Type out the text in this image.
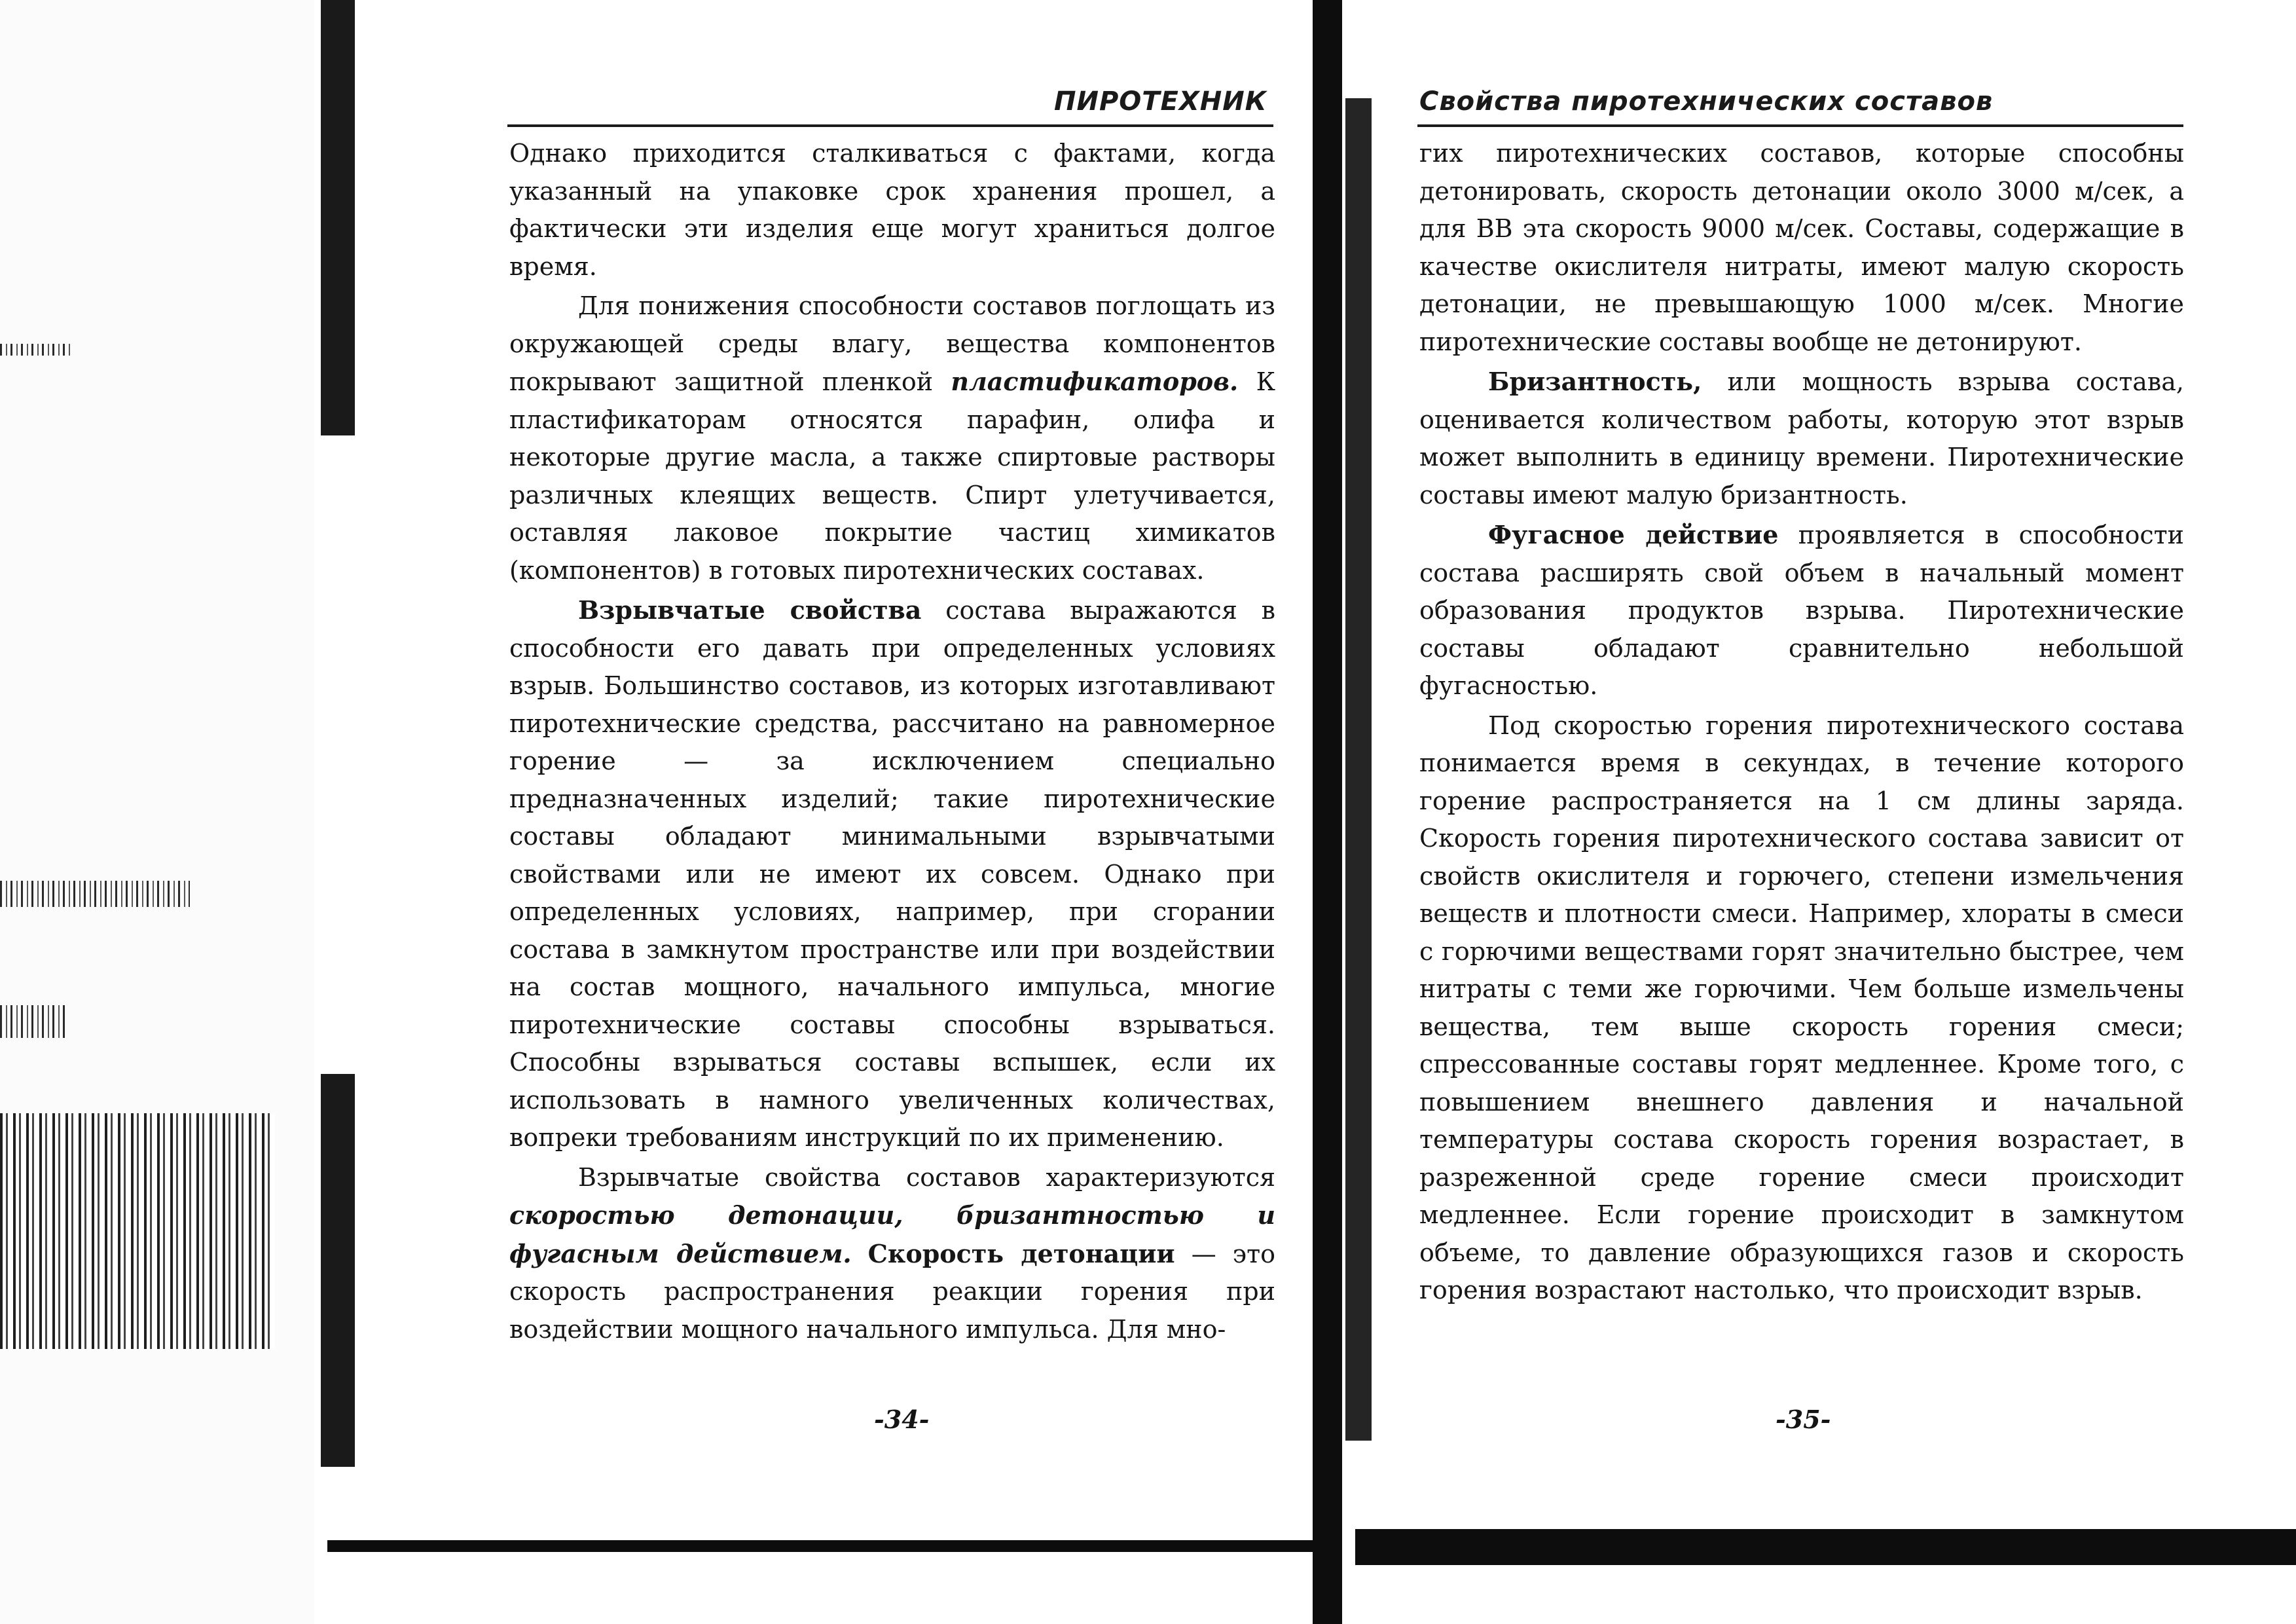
ПИРОТЕХНИК

Однако приходится сталкиваться с фактами, когда указанный на упаковке срок хранения прошел, а фактически эти изделия еще могут храниться долгое время.

Для понижения способности составов поглощать из окружающей среды влагу, вещества компонентов покрывают защитной пленкой пластификаторов. К пластификаторам относятся парафин, олифа и некоторые другие масла, а также спиртовые растворы различных клеящих веществ. Спирт улетучивается, оставляя лаковое покрытие частиц химикатов (компонентов) в готовых пиротехнических составах.

Взрывчатые свойства состава выражаются в способности его давать при определенных условиях взрыв. Большинство составов, из которых изготавливают пиротехнические средства, рассчитано на равномерное горение — за исключением специально предназначенных изделий; такие пиротехнические составы обладают минимальными взрывчатыми свойствами или не имеют их совсем. Однако при определенных условиях, например, при сгорании состава в замкнутом пространстве или при воздействии на состав мощного, начального импульса, многие пиротехнические составы способны взрываться. Способны взрываться составы вспышек, если их использовать в намного увеличенных количествах, вопреки требованиям инструкций по их применению.

Взрывчатые свойства составов характеризуются скоростью детонации, бризантностью и фугасным действием. Скорость детонации — это скорость распространения реакции горения при воздействии мощного начального импульса. Для мно-

-34-
Свойства пиротехнических составов

гих пиротехнических составов, которые способны детонировать, скорость детонации около 3000 м/сек, а для ВВ эта скорость 9000 м/сек. Составы, содержащие в качестве окислителя нитраты, имеют малую скорость детонации, не превышающую 1000 м/сек. Многие пиротехнические составы вообще не детонируют.

Бризантность, или мощность взрыва состава, оценивается количеством работы, которую этот взрыв может выполнить в единицу времени. Пиротехнические составы имеют малую бризантность.

Фугасное действие проявляется в способности состава расширять свой объем в начальный момент образования продуктов взрыва. Пиротехнические составы обладают сравнительно небольшой фугасностью.

Под скоростью горения пиротехнического состава понимается время в секундах, в течение которого горение распространяется на 1 см длины заряда. Скорость горения пиротехнического состава зависит от свойств окислителя и горючего, степени измельчения веществ и плотности смеси. Например, хлораты в смеси с горючими веществами горят значительно быстрее, чем нитраты с теми же горючими. Чем больше измельчены вещества, тем выше скорость горения смеси; спрессованные составы горят медленнее. Кроме того, с повышением внешнего давления и начальной температуры состава скорость горения возрастает, в разреженной среде горение смеси происходит медленнее. Если горение происходит в замкнутом объеме, то давление образующихся газов и скорость горения возрастают настолько, что происходит взрыв.

-35-
